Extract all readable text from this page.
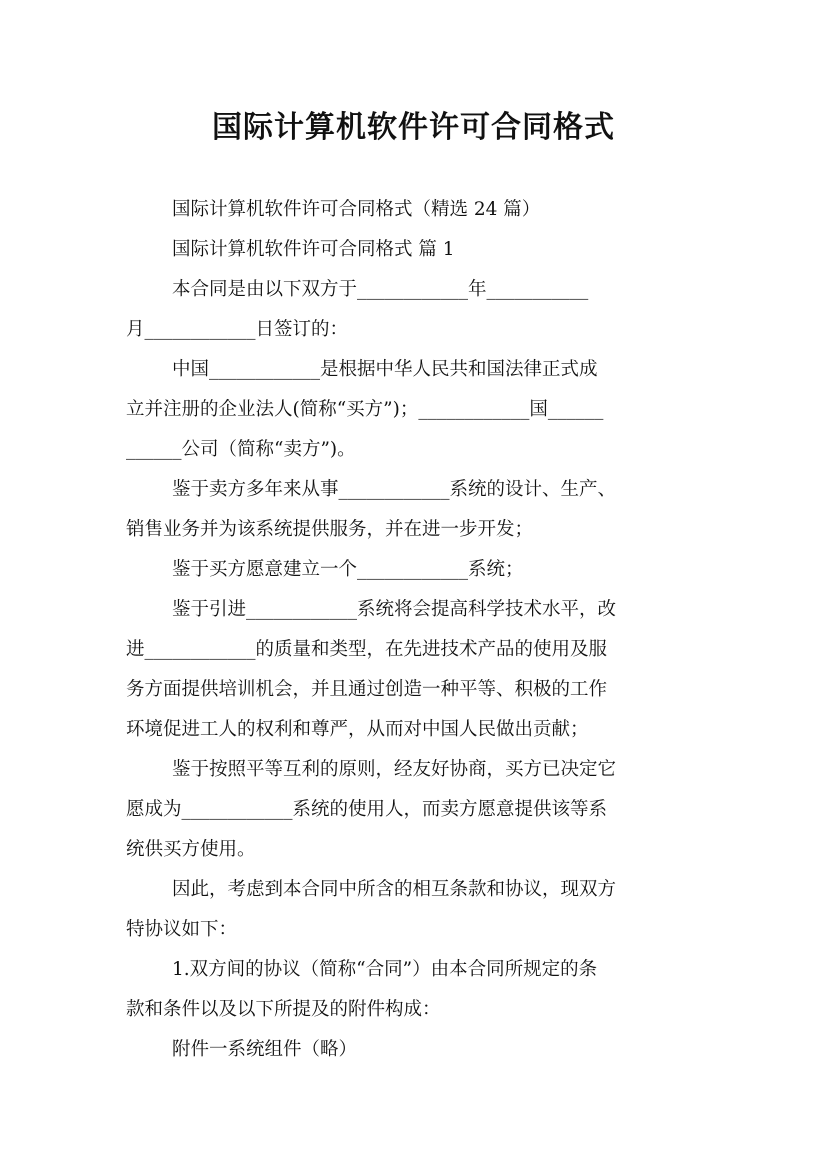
国际计算机软件许可合同格式
国际计算机软件许可合同格式（精选 24 篇）
国际计算机软件许可合同格式 篇 1
本合同是由以下双方于____________年___________
月____________日签订的：
中国____________是根据中华人民共和国法律正式成
立并注册的企业法人(简称“买方”)；____________国______
______公司（简称“卖方”)。
鉴于卖方多年来从事____________系统的设计、生产、
销售业务并为该系统提供服务，并在进一步开发；
鉴于买方愿意建立一个____________系统；
鉴于引进____________系统将会提高科学技术水平，改
进____________的质量和类型，在先进技术产品的使用及服
务方面提供培训机会，并且通过创造一种平等、积极的工作
环境促进工人的权利和尊严，从而对中国人民做出贡献；
鉴于按照平等互利的原则，经友好协商，买方已决定它
愿成为____________系统的使用人，而卖方愿意提供该等系
统供买方使用。
因此，考虑到本合同中所含的相互条款和协议，现双方
特协议如下：
1.双方间的协议（简称“合同”）由本合同所规定的条
款和条件以及以下所提及的附件构成：
附件一系统组件（略）
